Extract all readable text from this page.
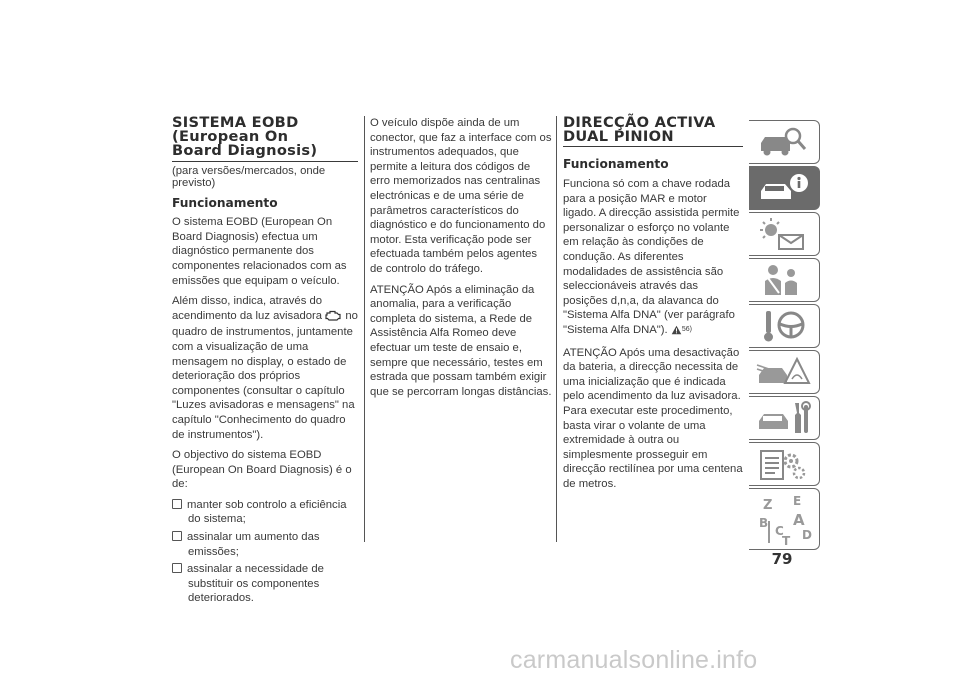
SISTEMA EOBD
(European On
Board Diagnosis)
(para versões/mercados, onde previsto)
Funcionamento

O sistema EOBD (European On Board Diagnosis) efectua um diagnóstico permanente dos componentes relacionados com as emissões que equipam o veículo.

Além disso, indica, através do acendimento da luz avisadora no quadro de instrumentos, juntamente com a visualização de uma mensagem no display, o estado de deterioração dos próprios componentes (consultar o capítulo "Luzes avisadoras e mensagens" na capítulo "Conhecimento do quadro de instrumentos").

O objectivo do sistema EOBD (European On Board Diagnosis) é o de:

manter sob controlo a eficiência do sistema;
assinalar um aumento das emissões;
assinalar a necessidade de substituir os componentes deteriorados.

O veículo dispõe ainda de um conector, que faz a interface com os instrumentos adequados, que permite a leitura dos códigos de erro memorizados nas centralinas electrónicas e de uma série de parâmetros característicos do diagnóstico e do funcionamento do motor. Esta verificação pode ser efectuada também pelos agentes de controlo do tráfego.

ATENÇÃO Após a eliminação da anomalia, para a verificação completa do sistema, a Rede de Assistência Alfa Romeo deve efectuar um teste de ensaio e, sempre que necessário, testes em estrada que possam também exigir que se percorram longas distâncias.

DIRECÇÃO ACTIVA
DUAL PINION
Funcionamento

Funciona só com a chave rodada para a posição MAR e motor ligado. A direcção assistida permite personalizar o esforço no volante em relação às condições de condução. As diferentes modalidades de assistência são seleccionáveis através das posições d,n,a, da alavanca do "Sistema Alfa DNA" (ver parágrafo "Sistema Alfa DNA"). 56)

ATENÇÃO Após uma desactivação da bateria, a direcção necessita de uma inicialização que é indicada pelo acendimento da luz avisadora. Para executar este procedimento, basta virar o volante de uma extremidade à outra ou simplesmente prosseguir em direcção rectilínea por uma centena de metros.

Z E
B A
C
T D
79
carmanualsonline.info
